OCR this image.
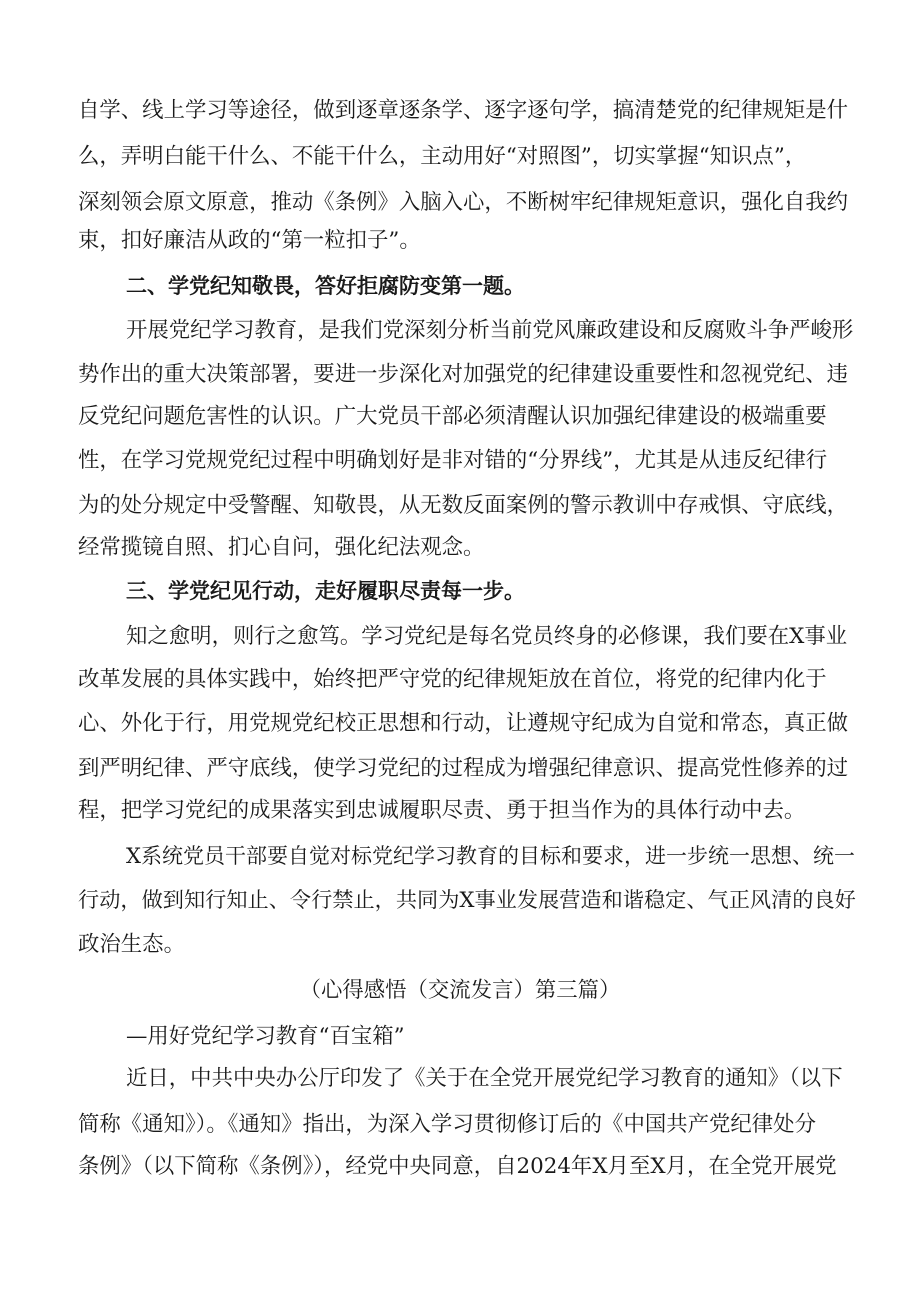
自学、线上学习等途径，做到逐章逐条学、逐字逐句学，搞清楚党的纪律规矩是什
么，弄明白能干什么、不能干什么，主动用好“对照图”，切实掌握“知识点”，
深刻领会原文原意，推动《条例》入脑入心，不断树牢纪律规矩意识，强化自我约
束，扣好廉洁从政的“第一粒扣子”。
二、学党纪知敬畏，答好拒腐防变第一题。
开展党纪学习教育，是我们党深刻分析当前党风廉政建设和反腐败斗争严峻形
势作出的重大决策部署，要进一步深化对加强党的纪律建设重要性和忽视党纪、违
反党纪问题危害性的认识。广大党员干部必须清醒认识加强纪律建设的极端重要
性，在学习党规党纪过程中明确划好是非对错的“分界线”，尤其是从违反纪律行
为的处分规定中受警醒、知敬畏，从无数反面案例的警示教训中存戒惧、守底线，
经常揽镜自照、扪心自问，强化纪法观念。
三、学党纪见行动，走好履职尽责每一步。
知之愈明，则行之愈笃。学习党纪是每名党员终身的必修课，我们要在X事业
改革发展的具体实践中，始终把严守党的纪律规矩放在首位，将党的纪律内化于
心、外化于行，用党规党纪校正思想和行动，让遵规守纪成为自觉和常态，真正做
到严明纪律、严守底线，使学习党纪的过程成为增强纪律意识、提高党性修养的过
程，把学习党纪的成果落实到忠诚履职尽责、勇于担当作为的具体行动中去。
X系统党员干部要自觉对标党纪学习教育的目标和要求，进一步统一思想、统一
行动，做到知行知止、令行禁止，共同为X事业发展营造和谐稳定、气正风清的良好
政治生态。
（心得感悟（交流发言）第三篇）
—用好党纪学习教育“百宝箱”
近日，中共中央办公厅印发了《关于在全党开展党纪学习教育的通知》（以下
简称《通知》）。《通知》指出，为深入学习贯彻修订后的《中国共产党纪律处分
条例》（以下简称《条例》），经党中央同意，自2024年X月至X月，在全党开展党
